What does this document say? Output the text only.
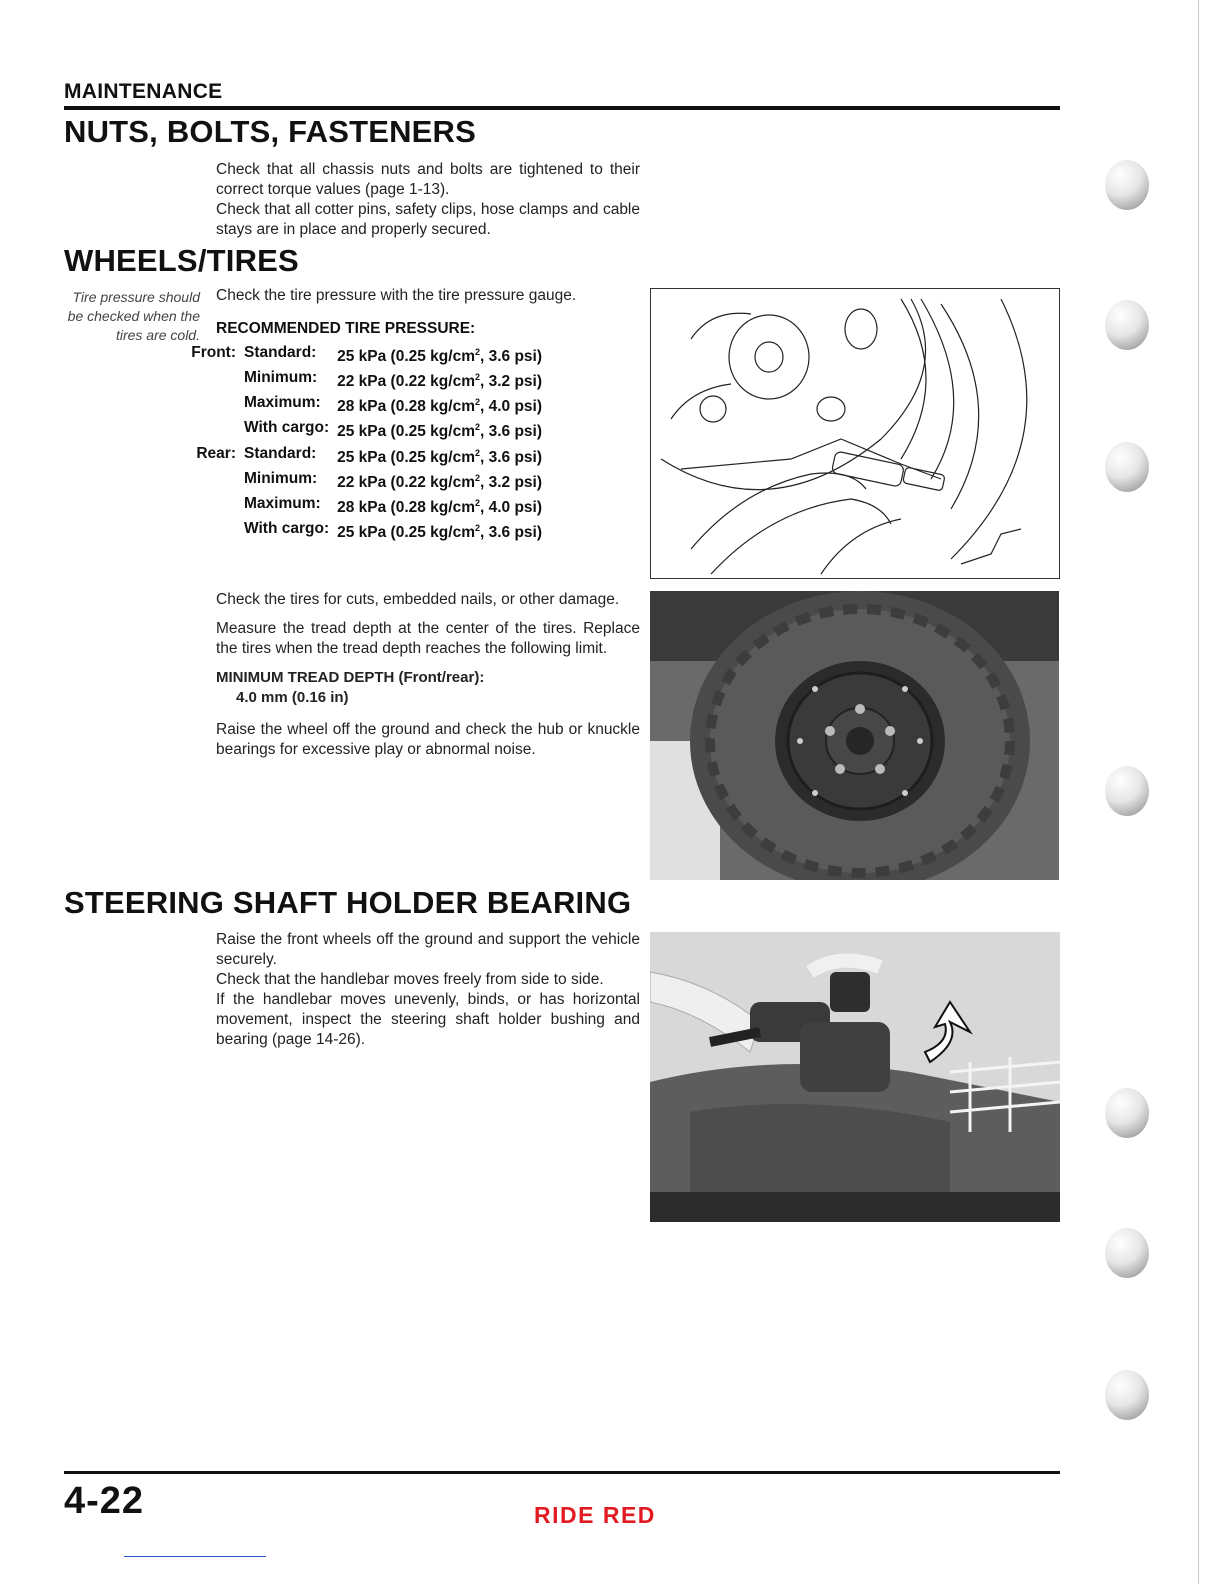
MAINTENANCE
NUTS, BOLTS, FASTENERS

Check that all chassis nuts and bolts are tightened to their correct torque values (page 1-13).

Check that all cotter pins, safety clips, hose clamps and cable stays are in place and properly secured.

WHEELS/TIRES
Tire pressure should be checked when the tires are cold.
Check the tire pressure with the tire pressure gauge.
RECOMMENDED TIRE PRESSURE:
Front:	Standard:	25 kPa (0.25 $kg/cm^2$, 3.6 psi)
	Minimum:	22 kPa (0.22 $kg/cm^2$, 3.2 psi)
	Maximum:	28 kPa (0.28 $kg/cm^2$, 4.0 psi)
	With cargo:	25 kPa (0.25 $kg/cm^2$, 3.6 psi)
Rear:	Standard:	25 kPa (0.25 $kg/cm^2$, 3.6 psi)
	Minimum:	22 kPa (0.22 $kg/cm^2$, 3.2 psi)
	Maximum:	28 kPa (0.28 $kg/cm^2$, 4.0 psi)
	With cargo:	25 kPa (0.25 $kg/cm^2$, 3.6 psi)

Check the tires for cuts, embedded nails, or other damage.

Measure the tread depth at the center of the tires. Replace the tires when the tread depth reaches the following limit.

MINIMUM TREAD DEPTH (Front/rear):
4.0 mm (0.16 in)

Raise the wheel off the ground and check the hub or knuckle bearings for excessive play or abnormal noise.

STEERING SHAFT HOLDER BEARING

Raise the front wheels off the ground and support the vehicle securely.

Check that the handlebar moves freely from side to side.

If the handlebar moves unevenly, binds, or has horizontal movement, inspect the steering shaft holder bushing and bearing (page 14-26).

4-22	RIDE RED
